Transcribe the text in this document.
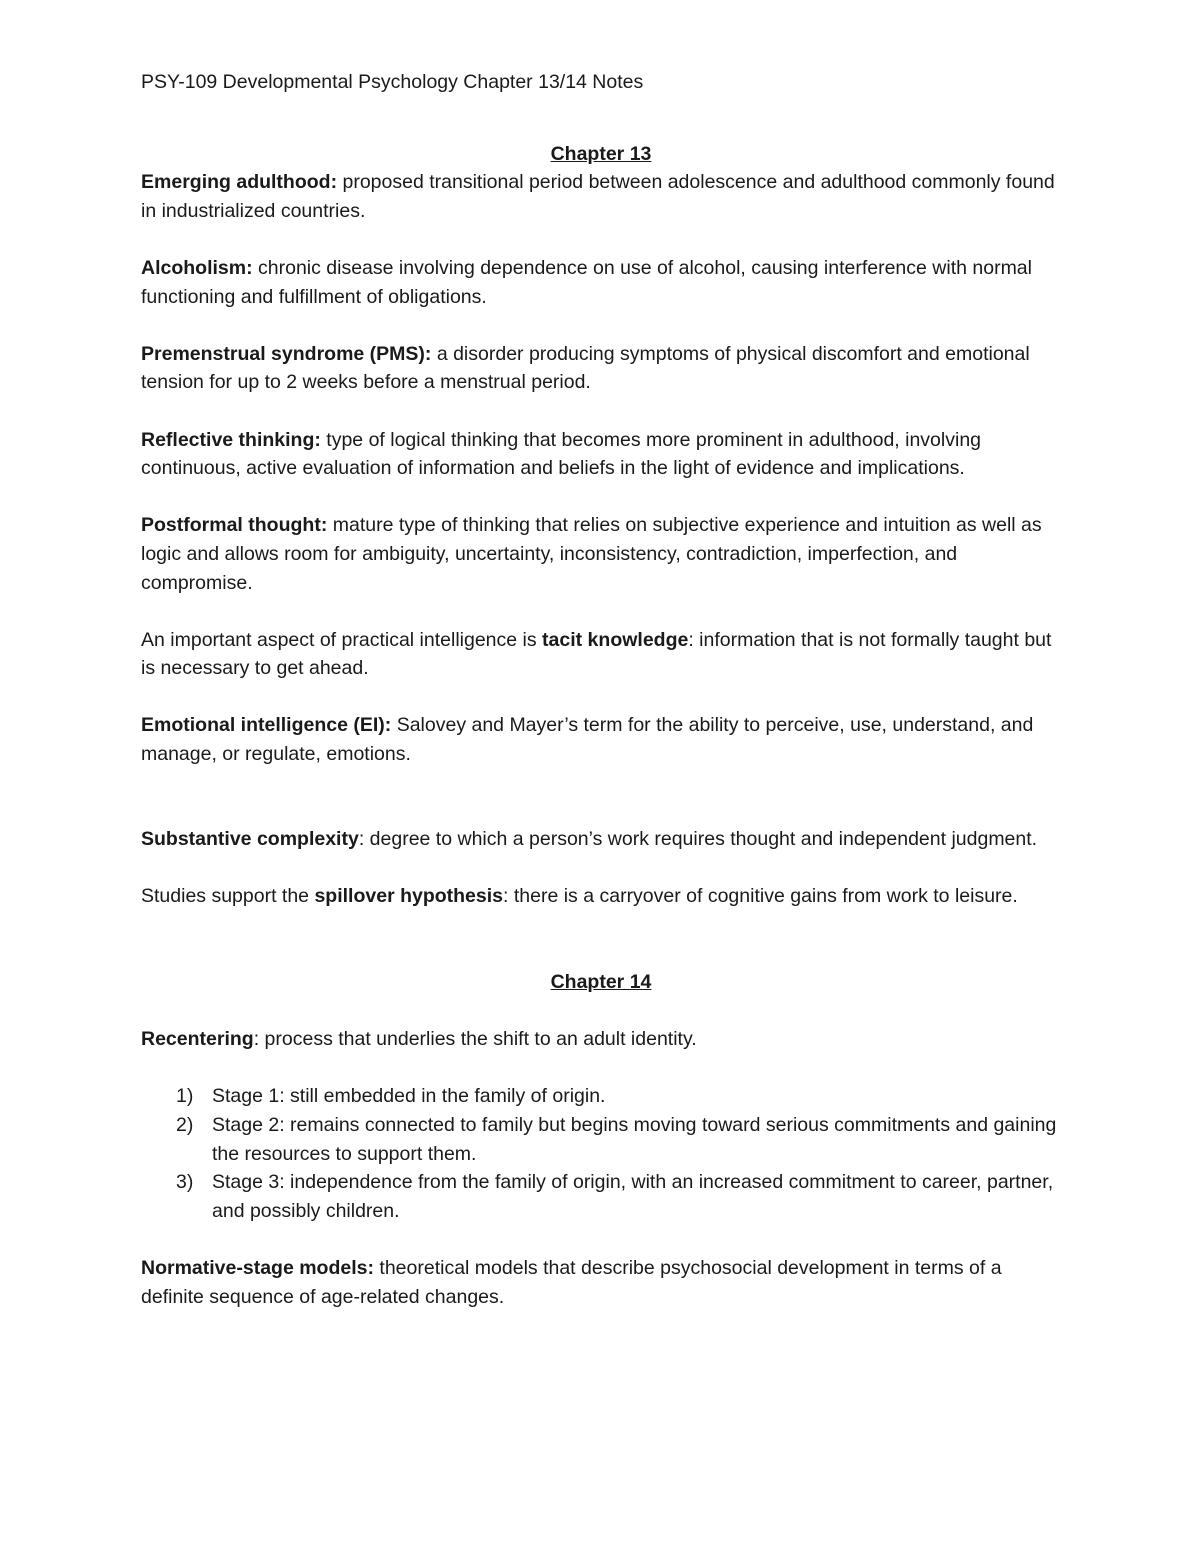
PSY-109 Developmental Psychology Chapter 13/14 Notes

Chapter 13

Emerging adulthood: proposed transitional period between adolescence and adulthood commonly found in industrialized countries.

Alcoholism: chronic disease involving dependence on use of alcohol, causing interference with normal functioning and fulfillment of obligations.

Premenstrual syndrome (PMS): a disorder producing symptoms of physical discomfort and emotional tension for up to 2 weeks before a menstrual period.

Reflective thinking: type of logical thinking that becomes more prominent in adulthood, involving continuous, active evaluation of information and beliefs in the light of evidence and implications.

Postformal thought: mature type of thinking that relies on subjective experience and intuition as well as logic and allows room for ambiguity, uncertainty, inconsistency, contradiction, imperfection, and compromise.

An important aspect of practical intelligence is tacit knowledge: information that is not formally taught but is necessary to get ahead.

Emotional intelligence (EI): Salovey and Mayer’s term for the ability to perceive, use, understand, and manage, or regulate, emotions.

Substantive complexity: degree to which a person’s work requires thought and independent judgment.

Studies support the spillover hypothesis: there is a carryover of cognitive gains from work to leisure.

Chapter 14

Recentering: process that underlies the shift to an adult identity.

1) Stage 1: still embedded in the family of origin.
2) Stage 2: remains connected to family but begins moving toward serious commitments and gaining the resources to support them.
3) Stage 3: independence from the family of origin, with an increased commitment to career, partner, and possibly children.

Normative-stage models: theoretical models that describe psychosocial development in terms of a definite sequence of age-related changes.
